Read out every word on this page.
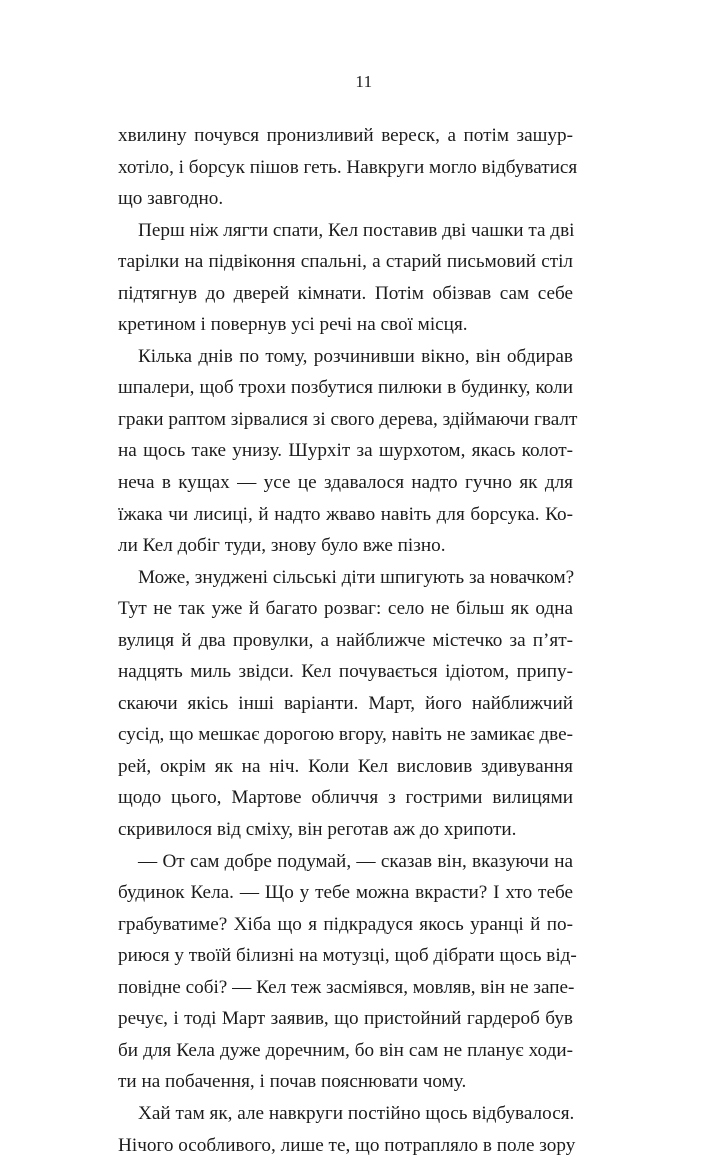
11
хвилину почувся пронизливий вереск, а потім зашур-
хотіло, і борсук пішов геть. Навкруги могло відбуватися
що завгодно.
Перш ніж лягти спати, Кел поставив дві чашки та дві
тарілки на підвіконня спальні, а старий письмовий стіл
підтягнув до дверей кімнати. Потім обізвав сам себе
кретином і повернув усі речі на свої місця.
Кілька днів по тому, розчинивши вікно, він обдирав
шпалери, щоб трохи позбутися пилюки в будинку, коли
граки раптом зірвалися зі свого дерева, здіймаючи гвалт
на щось таке унизу. Шурхіт за шурхотом, якась колот-
неча в кущах — усе це здавалося надто гучно як для
їжака чи лисиці, й надто жваво навіть для борсука. Ко-
ли Кел добіг туди, знову було вже пізно.
Може, знуджені сільські діти шпигують за новачком?
Тут не так уже й багато розваг: село не більш як одна
вулиця й два провулки, а найближче містечко за п’ят-
надцять миль звідси. Кел почувається ідіотом, припу-
скаючи якісь інші варіанти. Март, його найближчий
сусід, що мешкає дорогою вгору, навіть не замикає две-
рей, окрім як на ніч. Коли Кел висловив здивування
щодо цього, Мартове обличчя з гострими вилицями
скривилося від сміху, він реготав аж до хрипоти.
— От сам добре подумай, — сказав він, вказуючи на
будинок Кела. — Що у тебе можна вкрасти? І хто тебе
грабуватиме? Хіба що я підкрадуся якось уранці й по-
риюся у твоїй білизні на мотузці, щоб дібрати щось від-
повідне собі? — Кел теж засміявся, мовляв, він не запе-
речує, і тоді Март заявив, що пристойний гардероб був
би для Кела дуже доречним, бо він сам не планує ходи-
ти на побачення, і почав пояснювати чому.
Хай там як, але навкруги постійно щось відбувалося.
Нічого особливого, лише те, що потрапляло в поле зору
